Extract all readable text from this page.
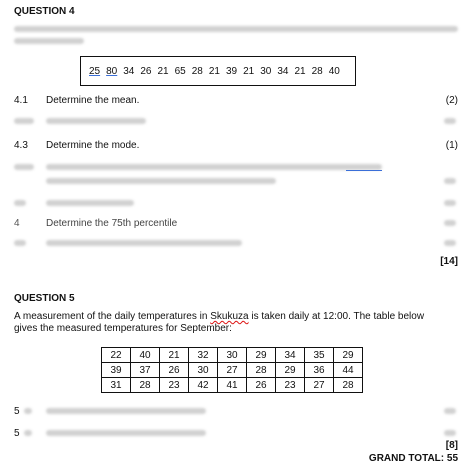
QUESTION 4
25 80 34 26 21 65 28 21 39 21 30 34 21 28 40
4.1 Determine the mean.	(2)
4.3 Determine the mode.	(1)
4	Determine the 75th percentile
[14]
QUESTION 5
A measurement of the daily temperatures in Skukuza is taken daily at 12:00. The table below
gives the measured temperatures for September:
22	40	21	32	30	29	34	35	29
39	37	26	30	27	28	29	36	44
31	28	23	42	41	26	23	27	28
5
5
[8]
GRAND TOTAL: 55
